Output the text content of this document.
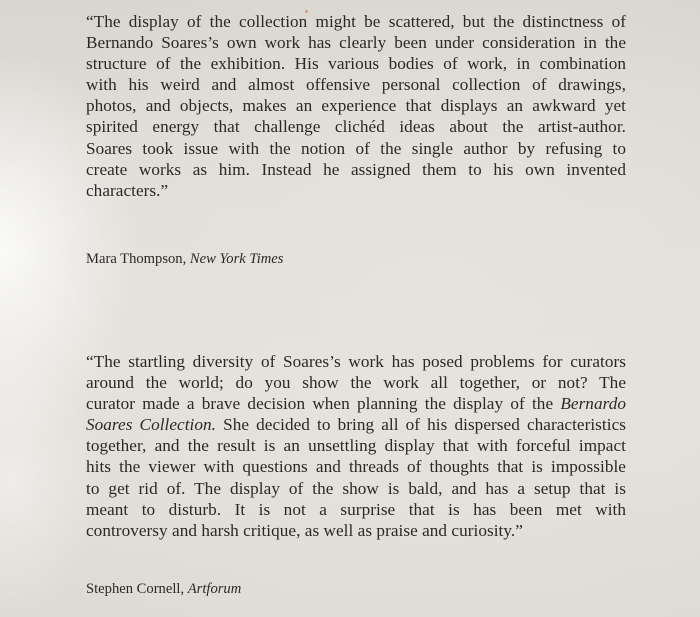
“The display of the collection might be scattered, but the distinctness of
Bernando Soares’s own work has clearly been under consideration in the
structure of the exhibition. His various bodies of work, in combination
with his weird and almost offensive personal collection of drawings,
photos, and objects, makes an experience that displays an awkward yet
spirited energy that challenge clichéd ideas about the artist-author.
Soares took issue with the notion of the single author by refusing to
create works as him. Instead he assigned them to his own invented
characters.”

Mara Thompson, New York Times

“The startling diversity of Soares’s work has posed problems for curators
around the world; do you show the work all together, or not? The
curator made a brave decision when planning the display of the Bernardo
Soares Collection. She decided to bring all of his dispersed characteristics
together, and the result is an unsettling display that with forceful impact
hits the viewer with questions and threads of thoughts that is impossible
to get rid of. The display of the show is bald, and has a setup that is
meant to disturb. It is not a surprise that is has been met with
controversy and harsh critique, as well as praise and curiosity.”

Stephen Cornell, Artforum
